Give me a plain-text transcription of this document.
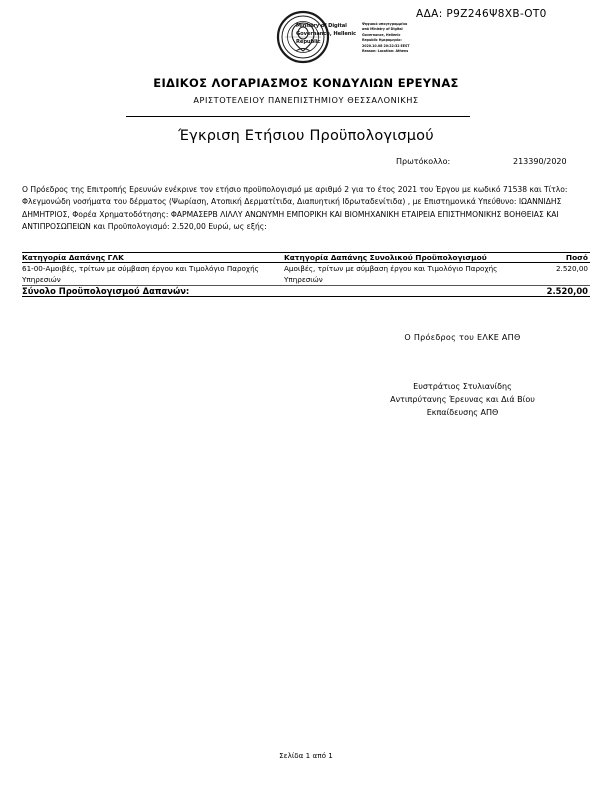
ΑΔΑ: Ρ9Ζ246Ψ8ΧΒ-ΟΤ0
Ministry of Digital Governance, Hellenic Republic
Ψηφιακά υπογεγραμμένο από Ministry of Digital Governance, Hellenic Republic Ημερομηνία: 2020.10.08 20:22:32 EEST Reason: Location: Athens
ΕΙΔΙΚΟΣ ΛΟΓΑΡΙΑΣΜΟΣ ΚΟΝΔΥΛΙΩΝ ΕΡΕΥΝΑΣ
ΑΡΙΣΤΟΤΕΛΕΙΟΥ ΠΑΝΕΠΙΣΤΗΜΙΟΥ ΘΕΣΣΑΛΟΝΙΚΗΣ
Έγκριση Ετήσιου Προϋπολογισμού
Πρωτόκολλο:	213390/2020
Ο Πρόεδρος της Επιτροπής Ερευνών ενέκρινε τον ετήσιο προϋπολογισμό με αριθμό 2 για το έτος 2021 του Έργου με κωδικό 71538 και Τίτλο: Φλεγμονώδη νοσήματα του δέρματος (Ψωρίαση, Ατοπική Δερματίτιδα, Διαπυητική Ιδρωταδενίτιδα) , με Επιστημονικά Υπεύθυνο: ΙΩΑΝΝΙΔΗΣ ΔΗΜΗΤΡΙΟΣ, Φορέα Χρηματοδότησης: ΦΑΡΜΑΣΕΡΒ ΛΙΛΛΥ ΑΝΩΝΥΜΗ ΕΜΠΟΡΙΚΗ ΚΑΙ ΒΙΟΜΗΧΑΝΙΚΗ ΕΤΑΙΡΕΙΑ ΕΠΙΣΤΗΜΟΝΙΚΗΣ ΒΟΗΘΕΙΑΣ ΚΑΙ ΑΝΤΙΠΡΟΣΩΠΕΙΩΝ και Προϋπολογισμό: 2.520,00 Ευρώ, ως εξής:
Κατηγορία Δαπάνης ΓΛΚ	Κατηγορία Δαπάνης Συνολικού Προϋπολογισμού	Ποσό
61-00-Αμοιβές, τρίτων με σύμβαση έργου και Τιμολόγιο Παροχής Υπηρεσιών	Αμοιβές, τρίτων με σύμβαση έργου και Τιμολόγιο Παροχής Υπηρεσιών	2.520,00
Σύνολο Προϋπολογισμού Δαπανών:		2.520,00
Ο Πρόεδρος του ΕΛΚΕ ΑΠΘ
Ευστράτιος Στυλιανίδης
Αντιπρύτανης Έρευνας και Διά Βίου
Εκπαίδευσης ΑΠΘ
Σελίδα 1 από 1
